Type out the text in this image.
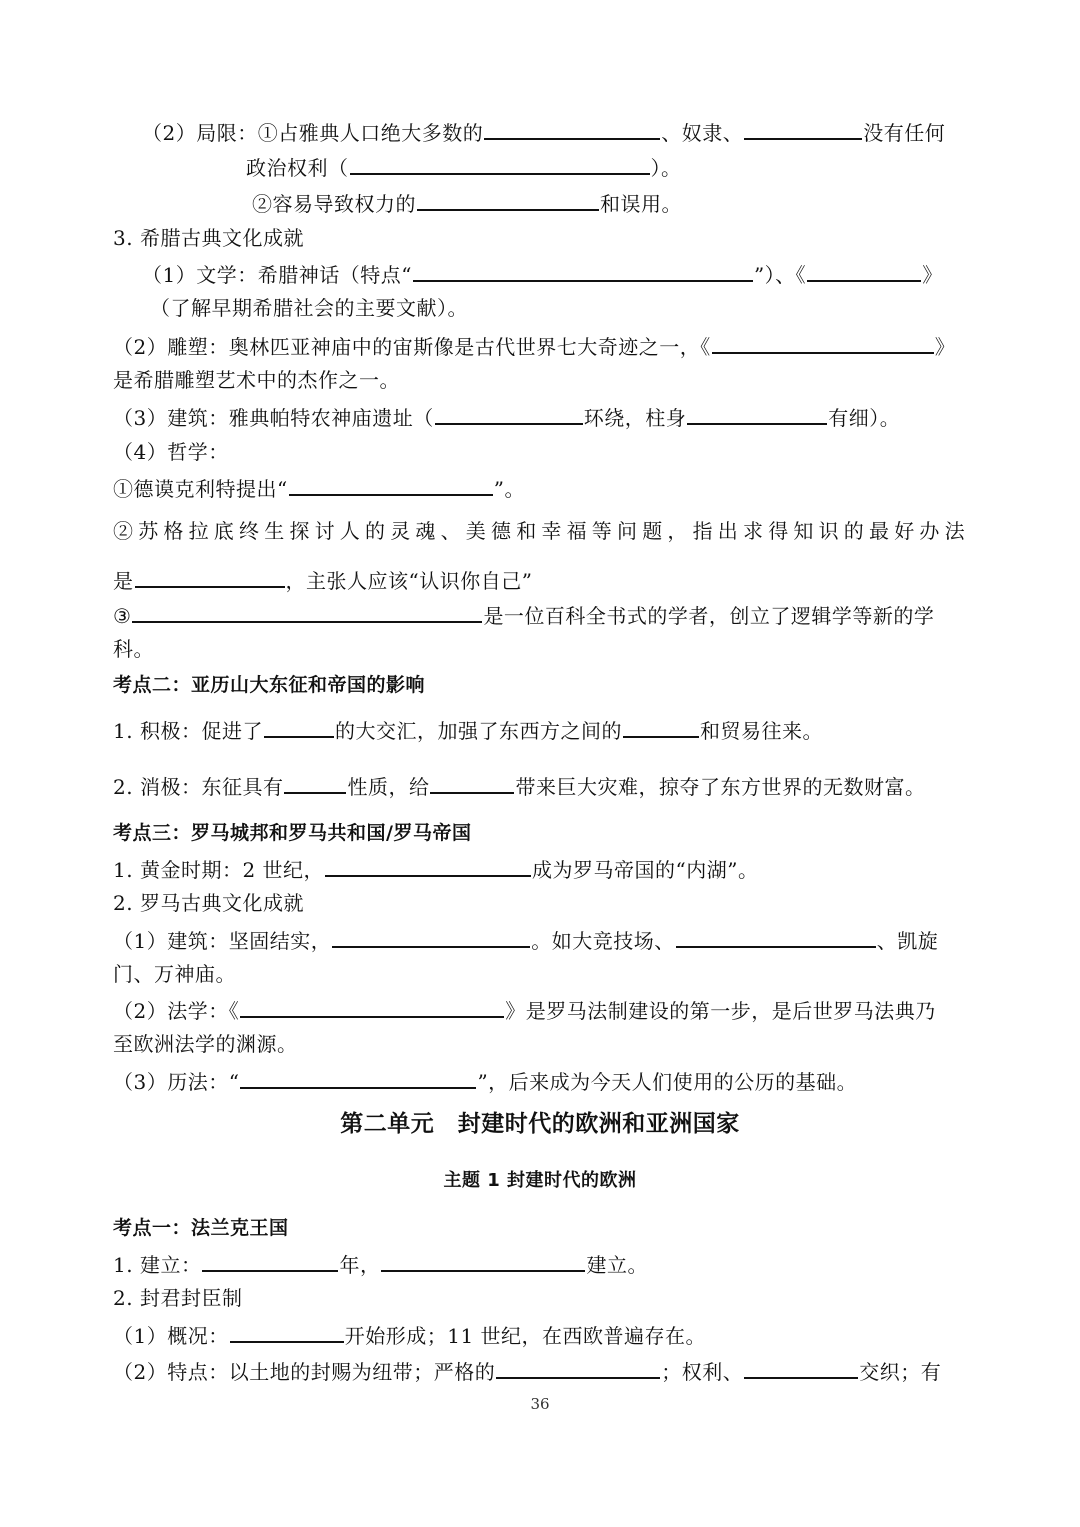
（2）局限：①占雅典人口绝大多数的	、奴隶、	没有任何
政治权利（	）。
②容易导致权力的	和误用。
3. 希腊古典文化成就
（1）文学：希腊神话（特点“	”）、《	》
（了解早期希腊社会的主要文献）。
（2）雕塑：奥林匹亚神庙中的宙斯像是古代世界七大奇迹之一，《	》
是希腊雕塑艺术中的杰作之一。
（3）建筑：雅典帕特农神庙遗址（	环绕，柱身	有细）。
（4）哲学：
①德谟克利特提出“	”。
②苏格拉底终生探讨人的灵魂、美德和幸福等问题，指出求得知识的最好办法
是	，主张人应该“认识你自己”
③	是一位百科全书式的学者，创立了逻辑学等新的学
科。
考点二：亚历山大东征和帝国的影响
1. 积极：促进了	的大交汇，加强了东西方之间的	和贸易往来。
2. 消极：东征具有	性质，给	带来巨大灾难，掠夺了东方世界的无数财富。
考点三：罗马城邦和罗马共和国/罗马帝国
1. 黄金时期：2 世纪，	成为罗马帝国的“内湖”。
2. 罗马古典文化成就
（1）建筑：坚固结实，	。如大竞技场、	、凯旋
门、万神庙。
（2）法学：《	》是罗马法制建设的第一步，是后世罗马法典乃
至欧洲法学的渊源。
（3）历法：“	”，后来成为今天人们使用的公历的基础。
第二单元　封建时代的欧洲和亚洲国家
主题 1 封建时代的欧洲
考点一：法兰克王国
1. 建立：	年，	建立。
2. 封君封臣制
（1）概况：	开始形成；11 世纪，在西欧普遍存在。
（2）特点：以土地的封赐为纽带；严格的	；权利、	交织；有
36
